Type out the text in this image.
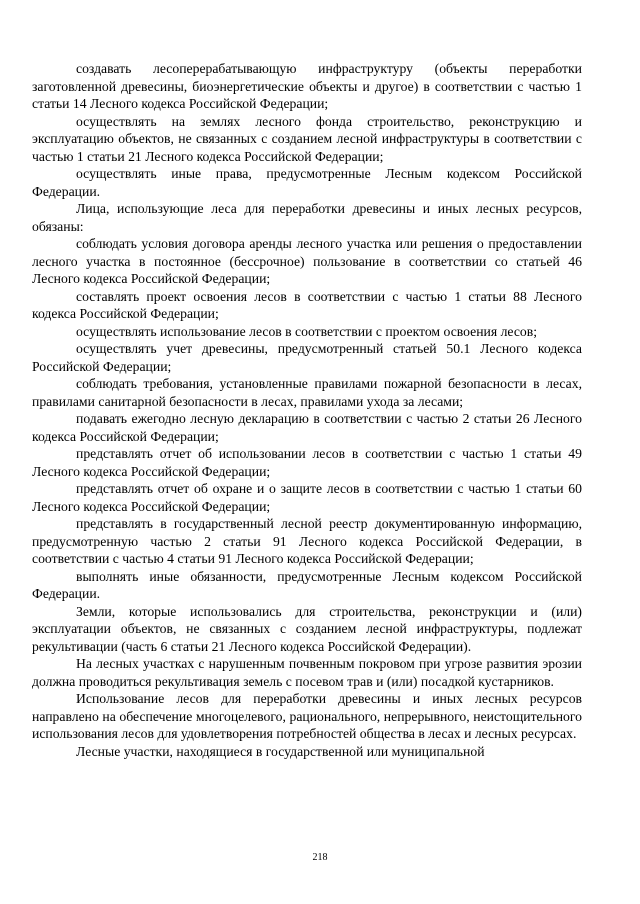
создавать лесоперерабатывающую инфраструктуру (объекты переработки заготовленной древесины, биоэнергетические объекты и другое) в соответствии с частью 1 статьи 14 Лесного кодекса Российской Федерации;

осуществлять на землях лесного фонда строительство, реконструкцию и эксплуатацию объектов, не связанных с созданием лесной инфраструктуры в соответствии с частью 1 статьи 21 Лесного кодекса Российской Федерации;

осуществлять иные права, предусмотренные Лесным кодексом Российской Федерации.

Лица, использующие леса для переработки древесины и иных лесных ресурсов, обязаны:

соблюдать условия договора аренды лесного участка или решения о предоставлении лесного участка в постоянное (бессрочное) пользование в соответствии со статьей 46 Лесного кодекса Российской Федерации;

составлять проект освоения лесов в соответствии с частью 1 статьи 88 Лесного кодекса Российской Федерации;

осуществлять использование лесов в соответствии с проектом освоения лесов;

осуществлять учет древесины, предусмотренный статьей 50.1 Лесного кодекса Российской Федерации;

соблюдать требования, установленные правилами пожарной безопасности в лесах, правилами санитарной безопасности в лесах, правилами ухода за лесами;

подавать ежегодно лесную декларацию в соответствии с частью 2 статьи 26 Лесного кодекса Российской Федерации;

представлять отчет об использовании лесов в соответствии с частью 1 статьи 49 Лесного кодекса Российской Федерации;

представлять отчет об охране и о защите лесов в соответствии с частью 1 статьи 60 Лесного кодекса Российской Федерации;

представлять в государственный лесной реестр документированную информацию, предусмотренную частью 2 статьи 91 Лесного кодекса Российской Федерации, в соответствии с частью 4 статьи 91 Лесного кодекса Российской Федерации;

выполнять иные обязанности, предусмотренные Лесным кодексом Российской Федерации.

Земли, которые использовались для строительства, реконструкции и (или) эксплуатации объектов, не связанных с созданием лесной инфраструктуры, подлежат рекультивации (часть 6 статьи 21 Лесного кодекса Российской Федерации).

На лесных участках с нарушенным почвенным покровом при угрозе развития эрозии должна проводиться рекультивация земель с посевом трав и (или) посадкой кустарников.

Использование лесов для переработки древесины и иных лесных ресурсов направлено на обеспечение многоцелевого, рационального, непрерывного, неистощительного использования лесов для удовлетворения потребностей общества в лесах и лесных ресурсах.

Лесные участки, находящиеся в государственной или муниципальной

218
